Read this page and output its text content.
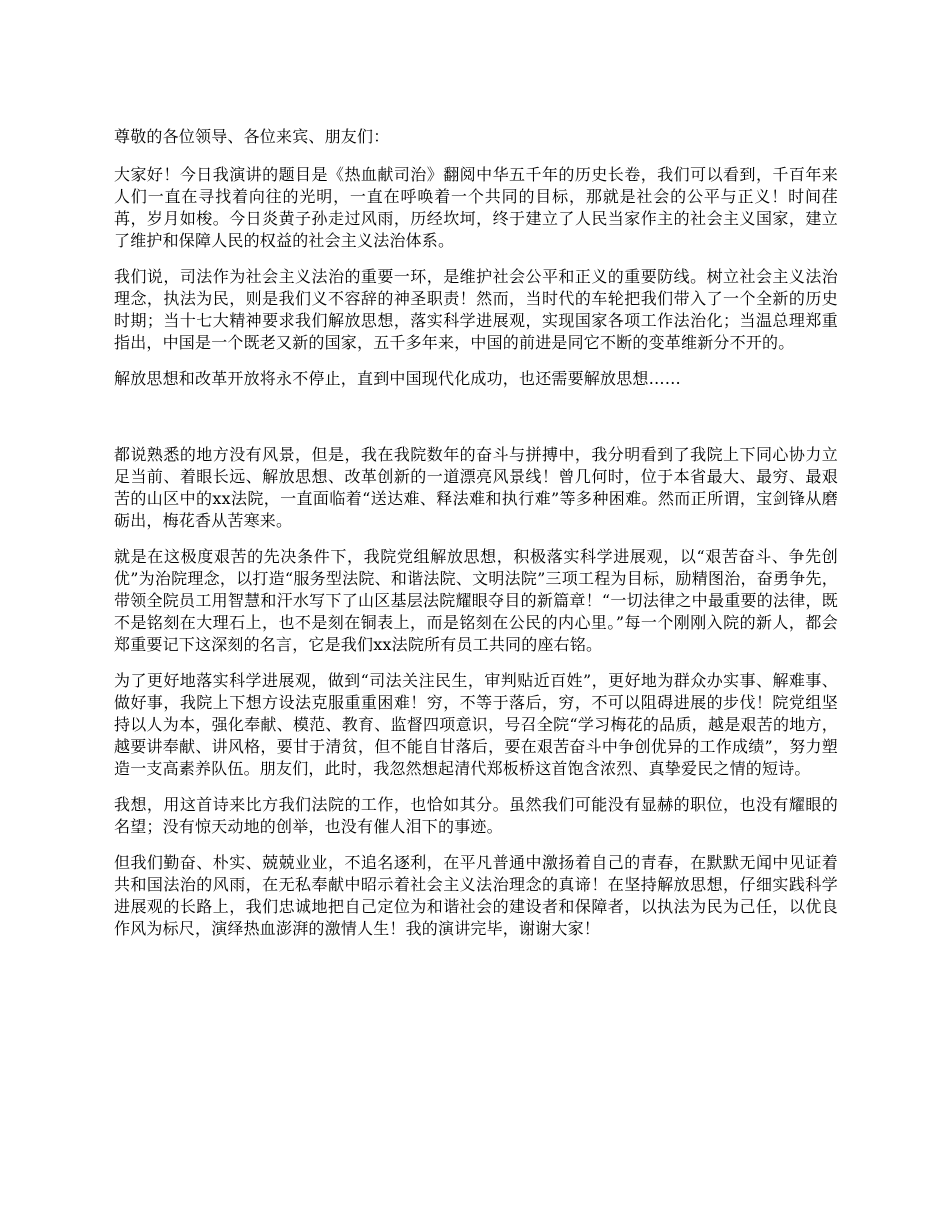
尊敬的各位领导、各位来宾、朋友们：

大家好！今日我演讲的题目是《热血献司治》翻阅中华五千年的历史长卷，我们可以看到，千百年来人们一直在寻找着向往的光明，一直在呼唤着一个共同的目标，那就是社会的公平与正义！时间荏苒，岁月如梭。今日炎黄子孙走过风雨，历经坎坷，终于建立了人民当家作主的社会主义国家，建立了维护和保障人民的权益的社会主义法治体系。

我们说，司法作为社会主义法治的重要一环，是维护社会公平和正义的重要防线。树立社会主义法治理念，执法为民，则是我们义不容辞的神圣职责！然而，当时代的车轮把我们带入了一个全新的历史时期；当十七大精神要求我们解放思想，落实科学进展观，实现国家各项工作法治化；当温总理郑重指出，中国是一个既老又新的国家，五千多年来，中国的前进是同它不断的变革维新分不开的。

解放思想和改革开放将永不停止，直到中国现代化成功，也还需要解放思想……

都说熟悉的地方没有风景，但是，我在我院数年的奋斗与拼搏中，我分明看到了我院上下同心协力立足当前、着眼长远、解放思想、改革创新的一道漂亮风景线！曾几何时，位于本省最大、最穷、最艰苦的山区中的xx法院，一直面临着“送达难、释法难和执行难”等多种困难。然而正所谓，宝剑锋从磨砺出，梅花香从苦寒来。

就是在这极度艰苦的先决条件下，我院党组解放思想，积极落实科学进展观，以“艰苦奋斗、争先创优”为治院理念，以打造“服务型法院、和谐法院、文明法院”三项工程为目标，励精图治，奋勇争先，带领全院员工用智慧和汗水写下了山区基层法院耀眼夺目的新篇章！“一切法律之中最重要的法律，既不是铭刻在大理石上，也不是刻在铜表上，而是铭刻在公民的内心里。”每一个刚刚入院的新人，都会郑重要记下这深刻的名言，它是我们xx法院所有员工共同的座右铭。

为了更好地落实科学进展观，做到“司法关注民生，审判贴近百姓”，更好地为群众办实事、解难事、做好事，我院上下想方设法克服重重困难！穷，不等于落后，穷，不可以阻碍进展的步伐！院党组坚持以人为本，强化奉献、模范、教育、监督四项意识，号召全院“学习梅花的品质，越是艰苦的地方，越要讲奉献、讲风格，要甘于清贫，但不能自甘落后，要在艰苦奋斗中争创优异的工作成绩”，努力塑造一支高素养队伍。朋友们，此时，我忽然想起清代郑板桥这首饱含浓烈、真挚爱民之情的短诗。

我想，用这首诗来比方我们法院的工作，也恰如其分。虽然我们可能没有显赫的职位，也没有耀眼的名望；没有惊天动地的创举，也没有催人泪下的事迹。

但我们勤奋、朴实、兢兢业业，不追名逐利，在平凡普通中激扬着自己的青春，在默默无闻中见证着共和国法治的风雨，在无私奉献中昭示着社会主义法治理念的真谛！在坚持解放思想，仔细实践科学进展观的长路上，我们忠诚地把自己定位为和谐社会的建设者和保障者，以执法为民为己任，以优良作风为标尺，演绎热血澎湃的激情人生！我的演讲完毕，谢谢大家！
